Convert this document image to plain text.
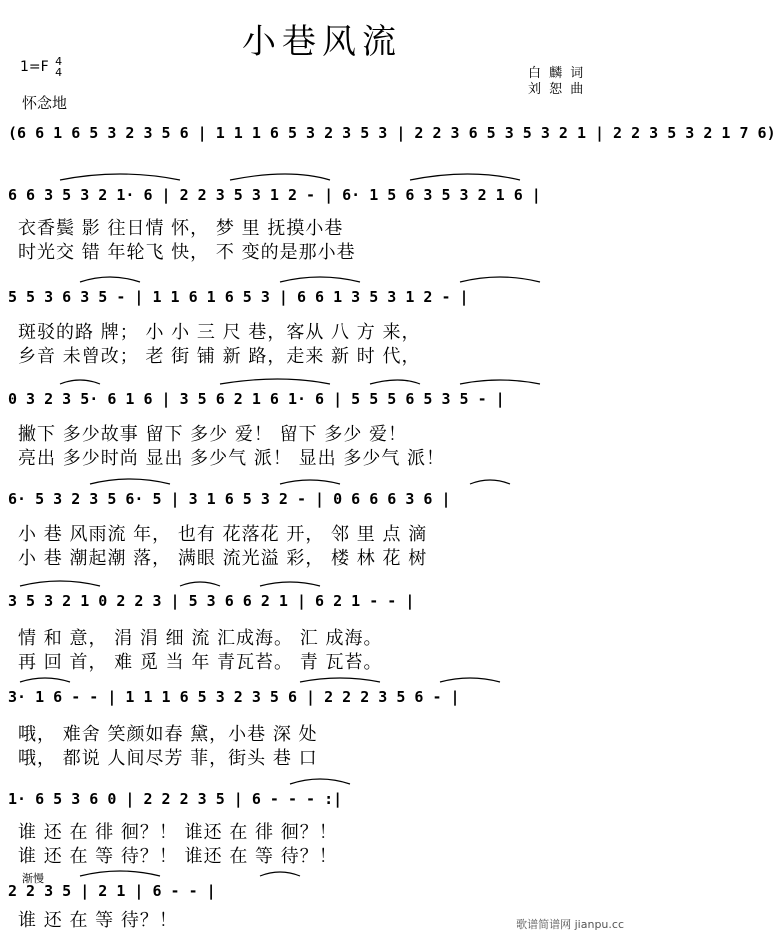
小巷风流
1=F 4
4
怀念地
白 麟 词
刘 恕 曲
(6 6 1 6 5 3 2 3 5 6 | 1 1 1 6 5 3 2 3 5 3 | 2 2 3 6 5 3 5 3 2 1 | 2 2 3 5 3 2 1 7 6)
6 6 3 5 3 2 1· 6 | 2 2 3 5 3 1 2 - | 6· 1 5 6 3 5 3 2 1 6 |
衣香鬓 影 往日情 怀， 梦 里 抚摸小巷
时光交 错 年轮飞 快， 不 变的是那小巷
5 5 3 6 3 5 - | 1 1 6 1 6 5 3 | 6 6 1 3 5 3 1 2 - |
斑驳的路 牌； 小 小 三 尺 巷，客从 八 方 来，
乡音 未曾改； 老 街 铺 新 路，走来 新 时 代，
0 3 2 3 5· 6 1 6 | 3 5 6 2 1 6 1· 6 | 5 5 5 6 5 3 5 - |
撇下 多少故事 留下 多少 爱！ 留下 多少 爱！
亮出 多少时尚 显出 多少气 派！ 显出 多少气 派！
6· 5 3 2 3 5 6· 5 | 3 1 6 5 3 2 - | 0 6 6 6 3 6 |
小 巷 风雨流 年， 也有 花落花 开， 邻 里 点 滴
小 巷 潮起潮 落， 满眼 流光溢 彩， 楼 林 花 树
3 5 3 2 1 0 2 2 3 | 5 3 6 6 2 1 | 6 2 1 - - |
情 和 意， 涓 涓 细 流 汇成海。 汇 成海。
再 回 首， 难 觅 当 年 青瓦苔。 青 瓦苔。
3· 1 6 - - | 1 1 1 6 5 3 2 3 5 6 | 2 2 2 3 5 6 - |
哦， 难舍 笑颜如春 黛，小巷 深 处
哦， 都说 人间尽芳 菲，街头 巷 口
1· 6 5 3 6 0 | 2 2 2 3 5 | 6 - - - :|
谁 还 在 徘 徊？！ 谁还 在 徘 徊？！
谁 还 在 等 待？！ 谁还 在 等 待？！
渐慢
2 2 3 5 | 2 1 | 6 - - |
谁 还 在 等 待？！	歌谱简谱网 jianpu.cc
